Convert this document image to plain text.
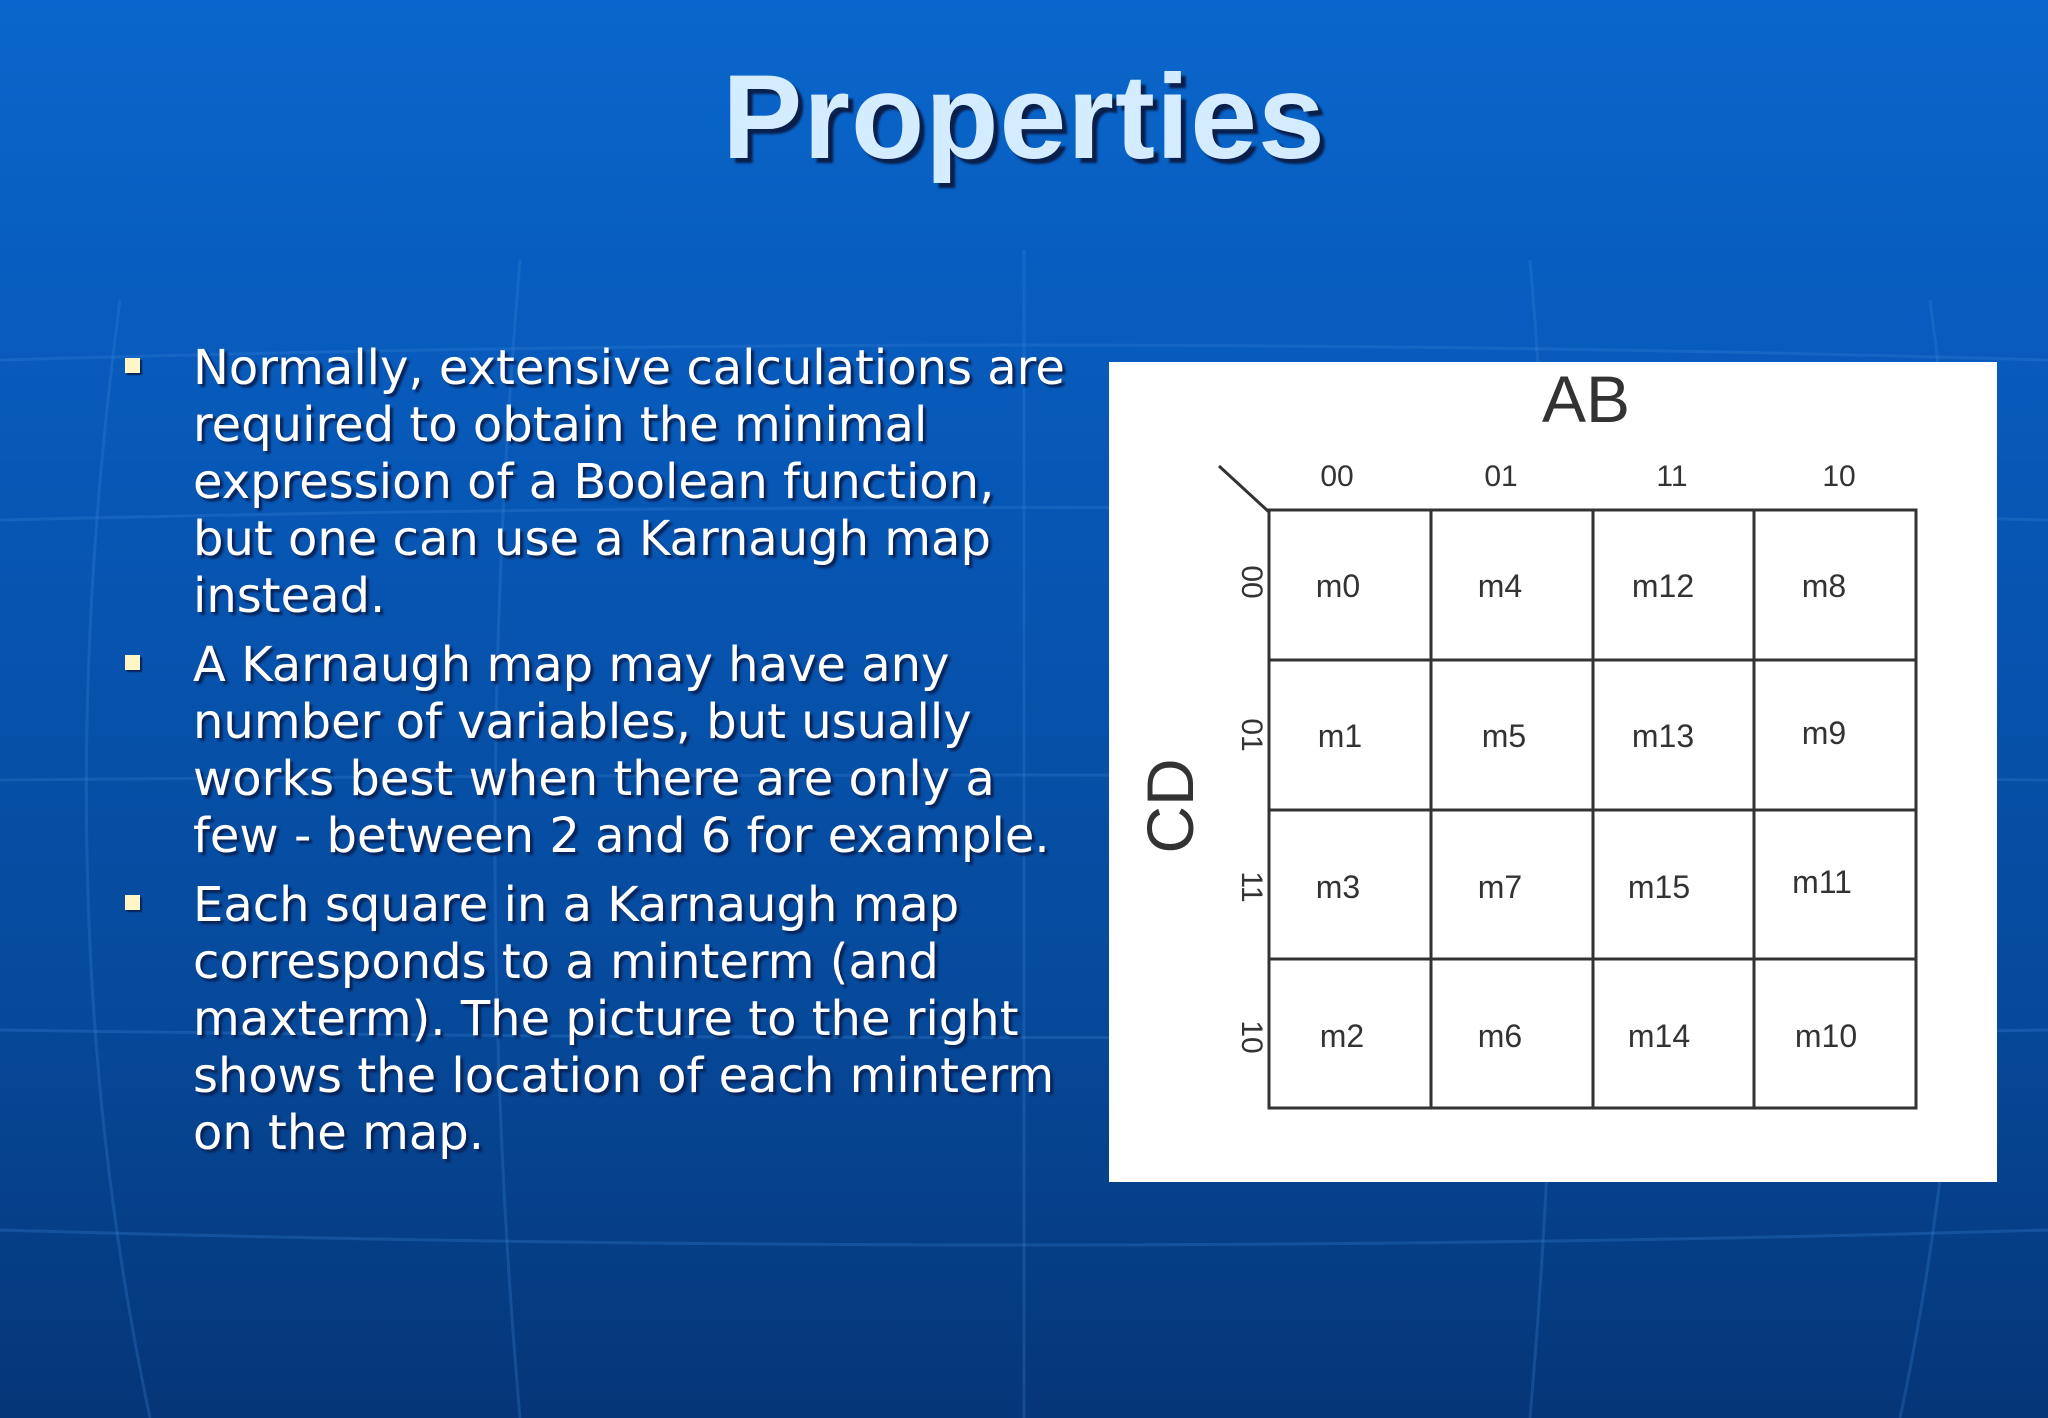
Properties
Normally, extensive calculations are required to obtain the minimal expression of a Boolean function, but one can use a Karnaugh map instead.
A Karnaugh map may have any number of variables, but usually works best when there are only a few - between 2 and 6 for example.
Each square in a Karnaugh map corresponds to a minterm (and maxterm). The picture to the right shows the location of each minterm on the map.
AB
CD
00	01	11	10
00
01
11
10
m0	m4	m12	m8
m1	m5	m13	m9
m3	m7	m15	m11
m2	m6	m14	m10
